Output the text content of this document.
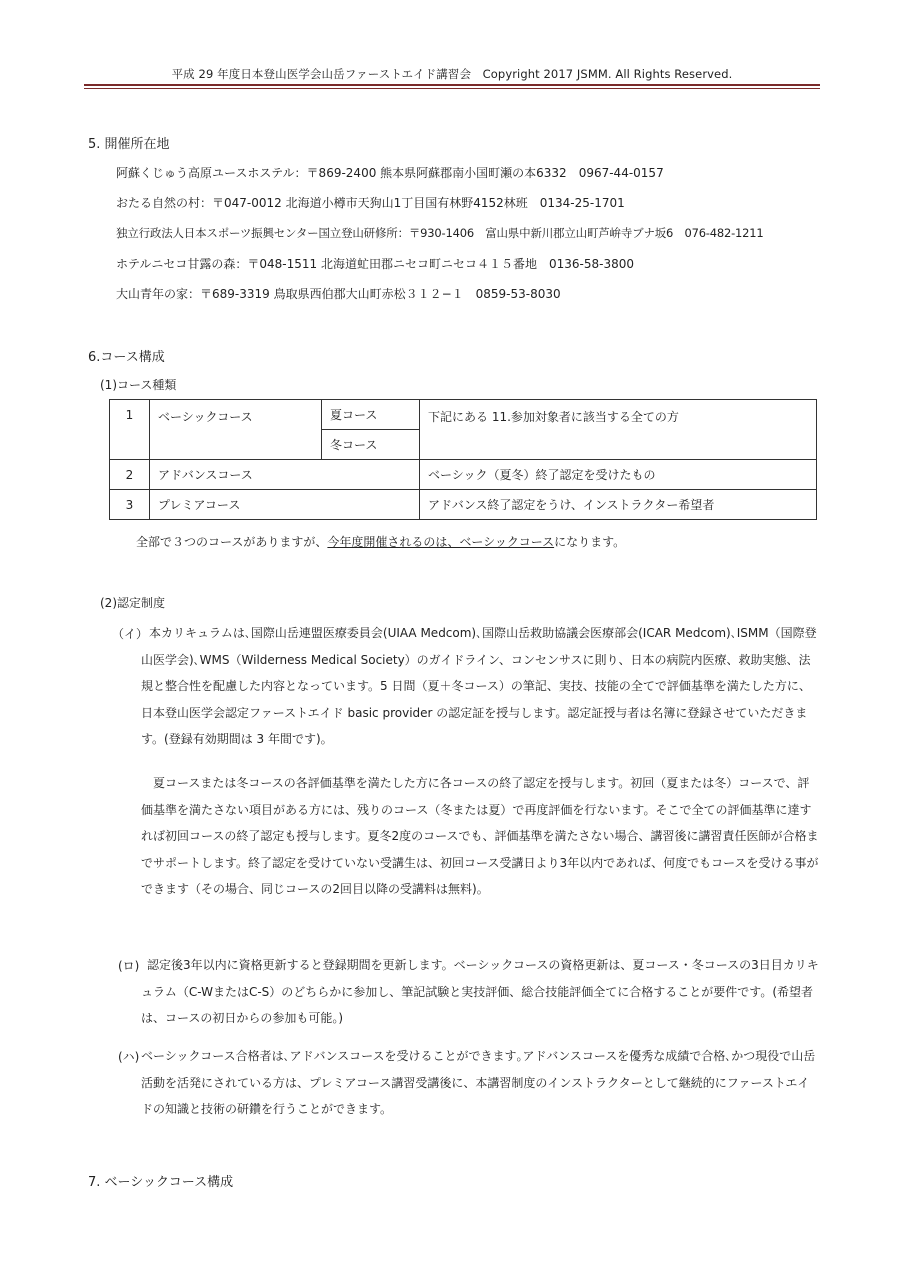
平成 29 年度日本登山医学会山岳ファーストエイド講習会　Copyright 2017 JSMM. All Rights Reserved.
5. 開催所在地
阿蘇くじゅう高原ユースホステル：〒869-2400 熊本県阿蘇郡南小国町瀬の本6332　0967-44-0157
おたる自然の村：〒047-0012 北海道小樽市天狗山1丁目国有林野4152林班　0134-25-1701
独立行政法人日本スポーツ振興センター国立登山研修所：〒930-1406　富山県中新川郡立山町芦峅寺ブナ坂6　076-482-1211
ホテルニセコ甘露の森：〒048-1511 北海道虻田郡ニセコ町ニセコ４１５番地　0136-58-3800
大山青年の家：〒689-3319 鳥取県西伯郡大山町赤松３１２−１　0859-53-8030
6.コース構成
(1)コース種類
1	ベーシックコース	夏コース	下記にある 11.参加対象者に該当する全ての方
		冬コース	
2	アドバンスコース		ベーシック（夏冬）終了認定を受けたもの
3	プレミアコース		アドバンス終了認定をうけ、インストラクター希望者
全部で３つのコースがありますが、今年度開催されるのは、ベーシックコースになります。
(2)認定制度
（イ） 本カリキュラムは､国際山岳連盟医療委員会(UIAA Medcom)､国際山岳救助協議会医療部会(ICAR Medcom)､ISMM（国際登山医学会)､WMS（Wilderness Medical Society）のガイドライン、コンセンサスに則り、日本の病院内医療、救助実態、法規と整合性を配慮した内容となっています。5 日間（夏＋冬コース）の筆記、実技、技能の全てで評価基準を満たした方に、日本登山医学会認定ファーストエイド basic provider の認定証を授与します。認定証授与者は名簿に登録させていただきます。(登録有効期間は 3 年間です)。
夏コースまたは冬コースの各評価基準を満たした方に各コースの終了認定を授与します。初回（夏または冬）コースで、評価基準を満たさない項目がある方には、残りのコース（冬または夏）で再度評価を行ないます。そこで全ての評価基準に達すれば初回コースの終了認定も授与します。夏冬2度のコースでも、評価基準を満たさない場合、講習後に講習責任医師が合格までサポートします。終了認定を受けていない受講生は、初回コース受講日より3年以内であれば、何度でもコースを受ける事ができます（その場合、同じコースの2回目以降の受講料は無料)。
(ロ) 認定後3年以内に資格更新すると登録期間を更新します。ベーシックコースの資格更新は、夏コース・冬コースの3日目カリキュラム（C-WまたはC-S）のどちらかに参加し、筆記試験と実技評価、総合技能評価全てに合格することが要件です。(希望者は、コースの初日からの参加も可能。)
(ハ) ベーシックコース合格者は､アドバンスコースを受けることができます｡アドバンスコースを優秀な成績で合格､かつ現役で山岳活動を活発にされている方は、プレミアコース講習受講後に、本講習制度のインストラクターとして継続的にファーストエイドの知識と技術の研鑽を行うことができます。
7. ベーシックコース構成
